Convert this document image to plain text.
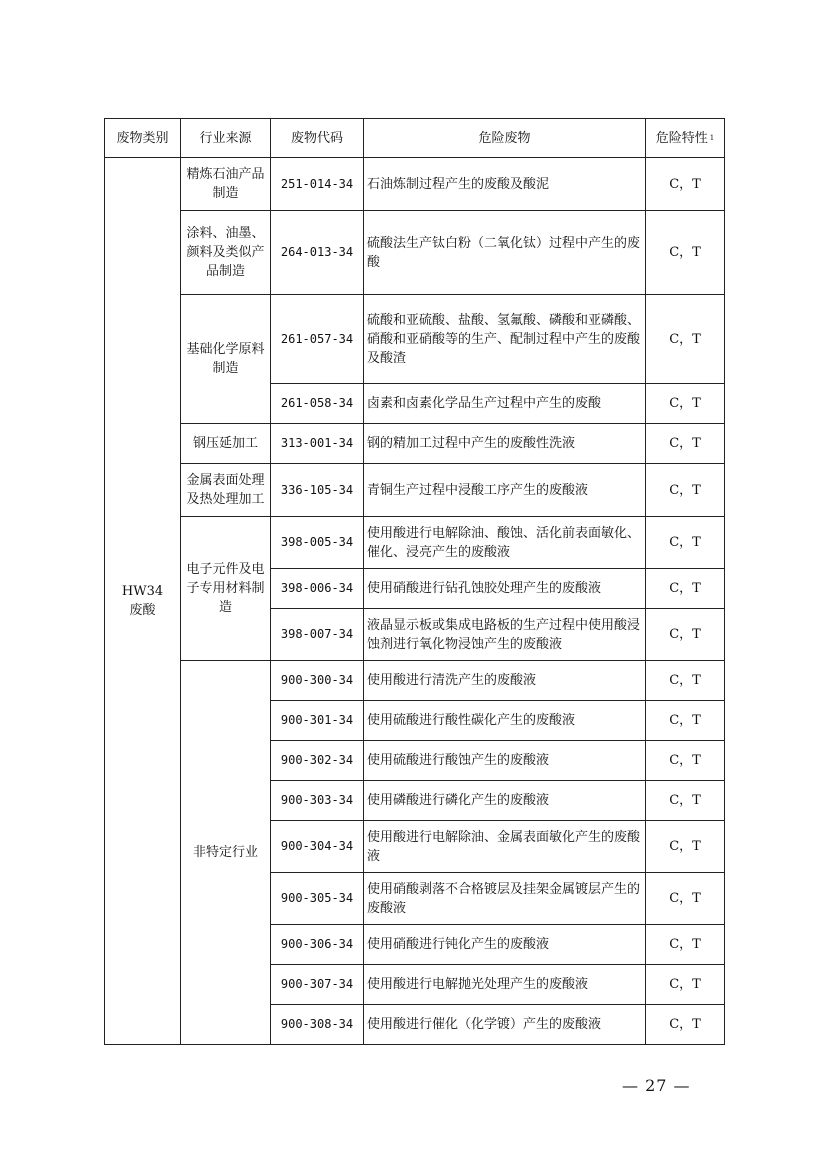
废物类别	行业来源	废物代码	危险废物	危险特性 $^1$
HW34
废酸	精炼石油产品制造	251-014-34	石油炼制过程产生的废酸及酸泥	C，T
	涂料、油墨、颜料及类似产品制造	264-013-34	硫酸法生产钛白粉（二氧化钛）过程中产生的废酸	C，T
	基础化学原料制造	261-057-34	硫酸和亚硫酸、盐酸、氢氟酸、磷酸和亚磷酸、硝酸和亚硝酸等的生产、配制过程中产生的废酸及酸渣	C，T
		261-058-34	卤素和卤素化学品生产过程中产生的废酸	C，T
	钢压延加工	313-001-34	钢的精加工过程中产生的废酸性洗液	C，T
	金属表面处理及热处理加工	336-105-34	青铜生产过程中浸酸工序产生的废酸液	C，T
	电子元件及电子专用材料制造	398-005-34	使用酸进行电解除油、酸蚀、活化前表面敏化、催化、浸亮产生的废酸液	C，T
		398-006-34	使用硝酸进行钻孔蚀胶处理产生的废酸液	C，T
		398-007-34	液晶显示板或集成电路板的生产过程中使用酸浸蚀剂进行氧化物浸蚀产生的废酸液	C，T
	非特定行业	900-300-34	使用酸进行清洗产生的废酸液	C，T
		900-301-34	使用硫酸进行酸性碳化产生的废酸液	C，T
		900-302-34	使用硫酸进行酸蚀产生的废酸液	C，T
		900-303-34	使用磷酸进行磷化产生的废酸液	C，T
		900-304-34	使用酸进行电解除油、金属表面敏化产生的废酸液	C，T
		900-305-34	使用硝酸剥落不合格镀层及挂架金属镀层产生的废酸液	C，T
		900-306-34	使用硝酸进行钝化产生的废酸液	C，T
		900-307-34	使用酸进行电解抛光处理产生的废酸液	C，T
		900-308-34	使用酸进行催化（化学镀）产生的废酸液	C，T
— 27 —
